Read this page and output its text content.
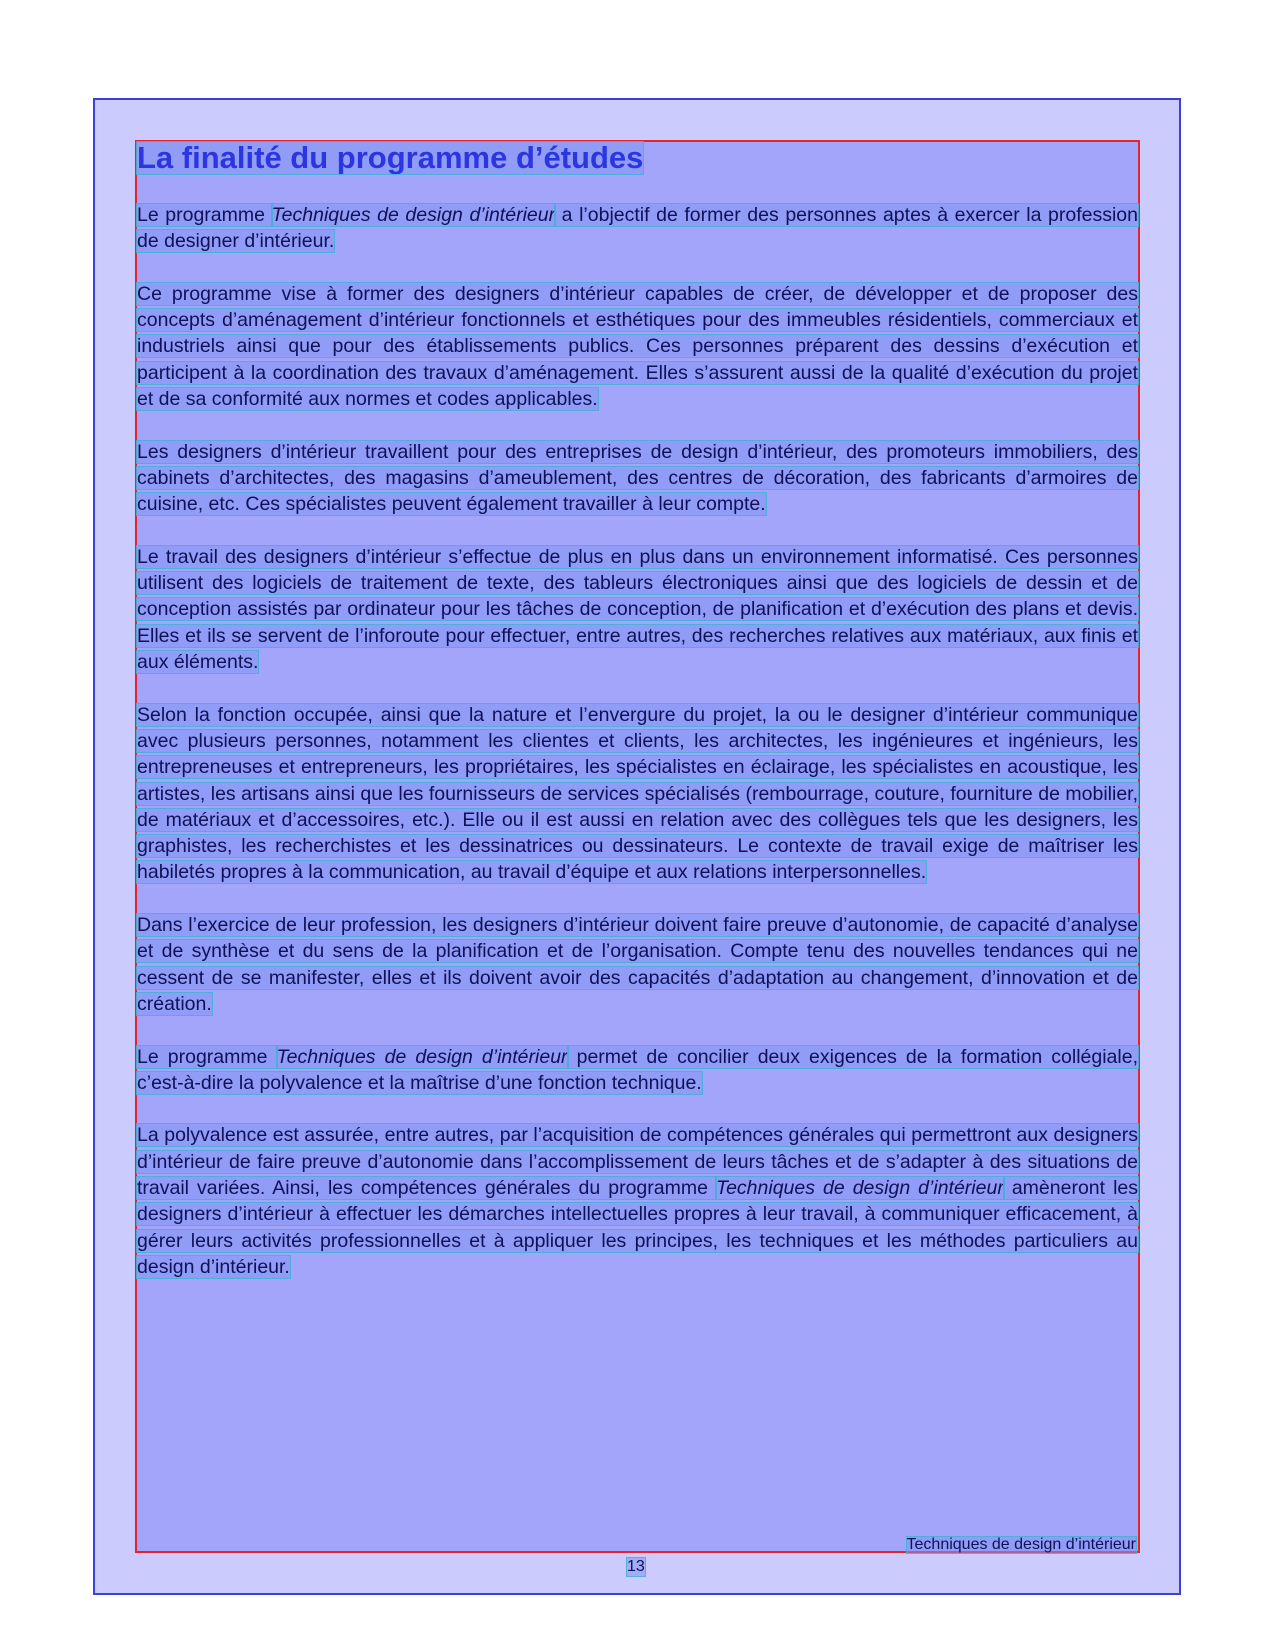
La finalité du programme d’études

Le programme Techniques de design d’intérieur a l’objectif de former des personnes aptes à exercer la profession de designer d’intérieur.

Ce programme vise à former des designers d’intérieur capables de créer, de développer et de proposer des concepts d’aménagement d’intérieur fonctionnels et esthétiques pour des immeubles résidentiels, commerciaux et industriels ainsi que pour des établissements publics. Ces personnes préparent des dessins d’exécution et participent à la coordination des travaux d’aménagement. Elles s’assurent aussi de la qualité d’exécution du projet et de sa conformité aux normes et codes applicables.

Les designers d’intérieur travaillent pour des entreprises de design d’intérieur, des promoteurs immobiliers, des cabinets d’architectes, des magasins d’ameublement, des centres de décoration, des fabricants d’armoires de cuisine, etc. Ces spécialistes peuvent également travailler à leur compte.

Le travail des designers d’intérieur s’effectue de plus en plus dans un environnement informatisé. Ces personnes utilisent des logiciels de traitement de texte, des tableurs électroniques ainsi que des logiciels de dessin et de conception assistés par ordinateur pour les tâches de conception, de planification et d’exécution des plans et devis. Elles et ils se servent de l’inforoute pour effectuer, entre autres, des recherches relatives aux matériaux, aux finis et aux éléments.

Selon la fonction occupée, ainsi que la nature et l’envergure du projet, la ou le designer d’intérieur communique avec plusieurs personnes, notamment les clientes et clients, les architectes, les ingénieures et ingénieurs, les entrepreneuses et entrepreneurs, les propriétaires, les spécialistes en éclairage, les spécialistes en acoustique, les artistes, les artisans ainsi que les fournisseurs de services spécialisés (rembourrage, couture, fourniture de mobilier, de matériaux et d’accessoires, etc.). Elle ou il est aussi en relation avec des collègues tels que les designers, les graphistes, les recherchistes et les dessinatrices ou dessinateurs. Le contexte de travail exige de maîtriser les habiletés propres à la communication, au travail d’équipe et aux relations interpersonnelles.

Dans l’exercice de leur profession, les designers d’intérieur doivent faire preuve d’autonomie, de capacité d’analyse et de synthèse et du sens de la planification et de l’organisation. Compte tenu des nouvelles tendances qui ne cessent de se manifester, elles et ils doivent avoir des capacités d’adaptation au changement, d’innovation et de création.

Le programme Techniques de design d’intérieur permet de concilier deux exigences de la formation collégiale, c’est-à-dire la polyvalence et la maîtrise d’une fonction technique.

La polyvalence est assurée, entre autres, par l’acquisition de compétences générales qui permettront aux designers d’intérieur de faire preuve d’autonomie dans l’accomplissement de leurs tâches et de s’adapter à des situations de travail variées. Ainsi, les compétences générales du programme Techniques de design d’intérieur amèneront les designers d’intérieur à effectuer les démarches intellectuelles propres à leur travail, à communiquer efficacement, à gérer leurs activités professionnelles et à appliquer les principes, les techniques et les méthodes particuliers au design d’intérieur.

Techniques de design d’intérieur
13
